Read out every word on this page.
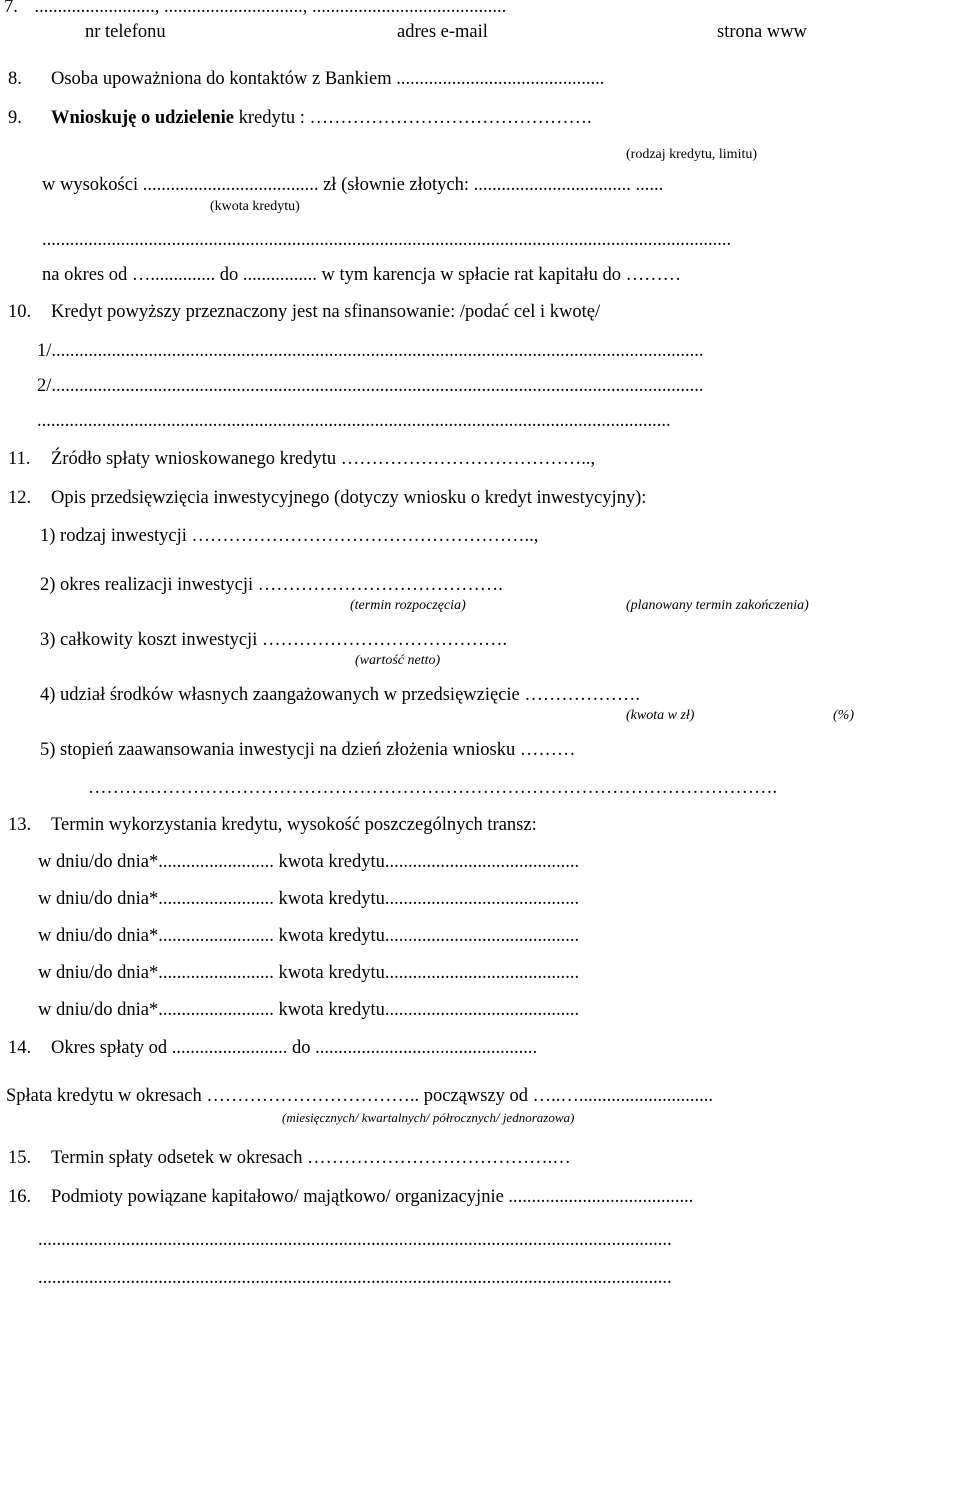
7. .........................., .............................., ..........................................
nr telefonu	adres e-mail	strona www
8. Osoba upoważniona do kontaktów z Bankiem .............................................
9. Wnioskuję o udzielenie kredytu : ……………………………………….
(rodzaj kredytu, limitu)
w wysokości ...................................... zł (słownie złotych: .................................. ......
(kwota kredytu)
.....................................................................................................................................................
na okres od ….............. do ................ w tym karencja w spłacie rat kapitału do ………
10. Kredyt powyższy przeznaczony jest na sfinansowanie: /podać cel i kwotę/
1/.............................................................................................................................................
2/.............................................................................................................................................
.........................................................................................................................................
11. Źródło spłaty wnioskowanego kredytu …………………………………..,
12. Opis przedsięwzięcia inwestycyjnego (dotyczy wniosku o kredyt inwestycyjny):
1) rodzaj inwestycji ………………………………………………..,
2) okres realizacji inwestycji ………………………………….
(termin rozpoczęcia)	(planowany termin zakończenia)
3) całkowity koszt inwestycji ………………………………….
(wartość netto)
4) udział środków własnych zaangażowanych w przedsięwzięcie ……………….
(kwota w zł)	(%)
5) stopień zaawansowania inwestycji na dzień złożenia wniosku ………
………………………………………………………………………………………………….
13. Termin wykorzystania kredytu, wysokość poszczególnych transz:
w dniu/do dnia*......................... kwota kredytu..........................................
w dniu/do dnia*......................... kwota kredytu..........................................
w dniu/do dnia*......................... kwota kredytu..........................................
w dniu/do dnia*......................... kwota kredytu..........................................
w dniu/do dnia*......................... kwota kredytu..........................................
14. Okres spłaty od ......................... do ................................................
Spłata kredytu w okresach …………………………….. począwszy od …..….............................
(miesięcznych/ kwartalnych/ półrocznych/ jednorazowa)
15. Termin spłaty odsetek w okresach ………………………………….…
16. Podmioty powiązane kapitałowo/ majątkowo/ organizacyjnie ........................................
.........................................................................................................................................
.........................................................................................................................................
